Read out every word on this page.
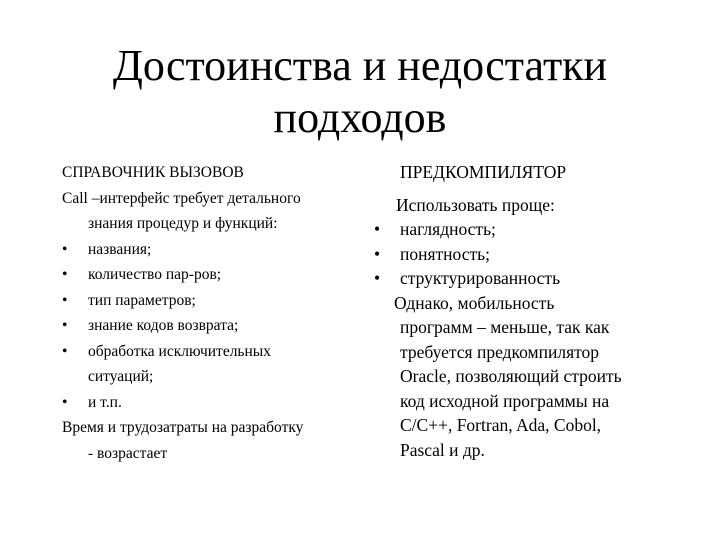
Достоинства и недостатки
подходов
СПРАВОЧНИК ВЫЗОВОВ
Call –интерфейс требует детального
знания процедур и функций:
• названия;
• количество пар-ров;
• тип параметров;
• знание кодов возврата;
• обработка исключительных
ситуаций;
• и т.п.
Время и трудозатраты на разработку
- возрастает
ПРЕДКОМПИЛЯТОР
Использовать проще:
• наглядность;
• понятность;
• структурированность
Однако, мобильность
программ – меньше, так как
требуется предкомпилятор
Oracle, позволяющий строить
код исходной программы на
C/C++, Fortran, Ada, Cobol,
Pascal и др.
